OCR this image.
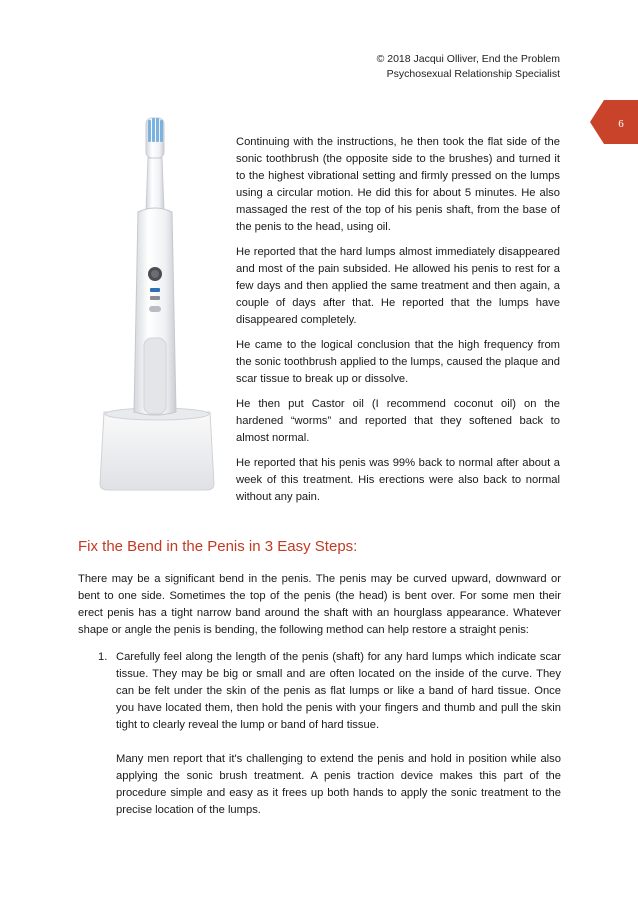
© 2018 Jacqui Olliver, End the Problem
Psychosexual Relationship Specialist
6

Continuing with the instructions, he then took the flat side of the sonic toothbrush (the opposite side to the brushes) and turned it to the highest vibrational setting and firmly pressed on the lumps using a circular motion. He did this for about 5 minutes. He also massaged the rest of the top of his penis shaft, from the base of the penis to the head, using oil.

He reported that the hard lumps almost immediately disappeared and most of the pain subsided. He allowed his penis to rest for a few days and then applied the same treatment and then again, a couple of days after that. He reported that the lumps have disappeared completely.

He came to the logical conclusion that the high frequency from the sonic toothbrush applied to the lumps, caused the plaque and scar tissue to break up or dissolve.

He then put Castor oil (I recommend coconut oil) on the hardened “worms” and reported that they softened back to almost normal.

He reported that his penis was 99% back to normal after about a week of this treatment. His erections were also back to normal without any pain.

Fix the Bend in the Penis in 3 Easy Steps:

There may be a significant bend in the penis. The penis may be curved upward, downward or bent to one side. Sometimes the top of the penis (the head) is bent over. For some men their erect penis has a tight narrow band around the shaft with an hourglass appearance. Whatever shape or angle the penis is bending, the following method can help restore a straight penis:

1. Carefully feel along the length of the penis (shaft) for any hard lumps which indicate scar tissue. They may be big or small and are often located on the inside of the curve. They can be felt under the skin of the penis as flat lumps or like a band of hard tissue. Once you have located them, then hold the penis with your fingers and thumb and pull the skin tight to clearly reveal the lump or band of hard tissue.

Many men report that it's challenging to extend the penis and hold in position while also applying the sonic brush treatment. A penis traction device makes this part of the procedure simple and easy as it frees up both hands to apply the sonic treatment to the precise location of the lumps.
